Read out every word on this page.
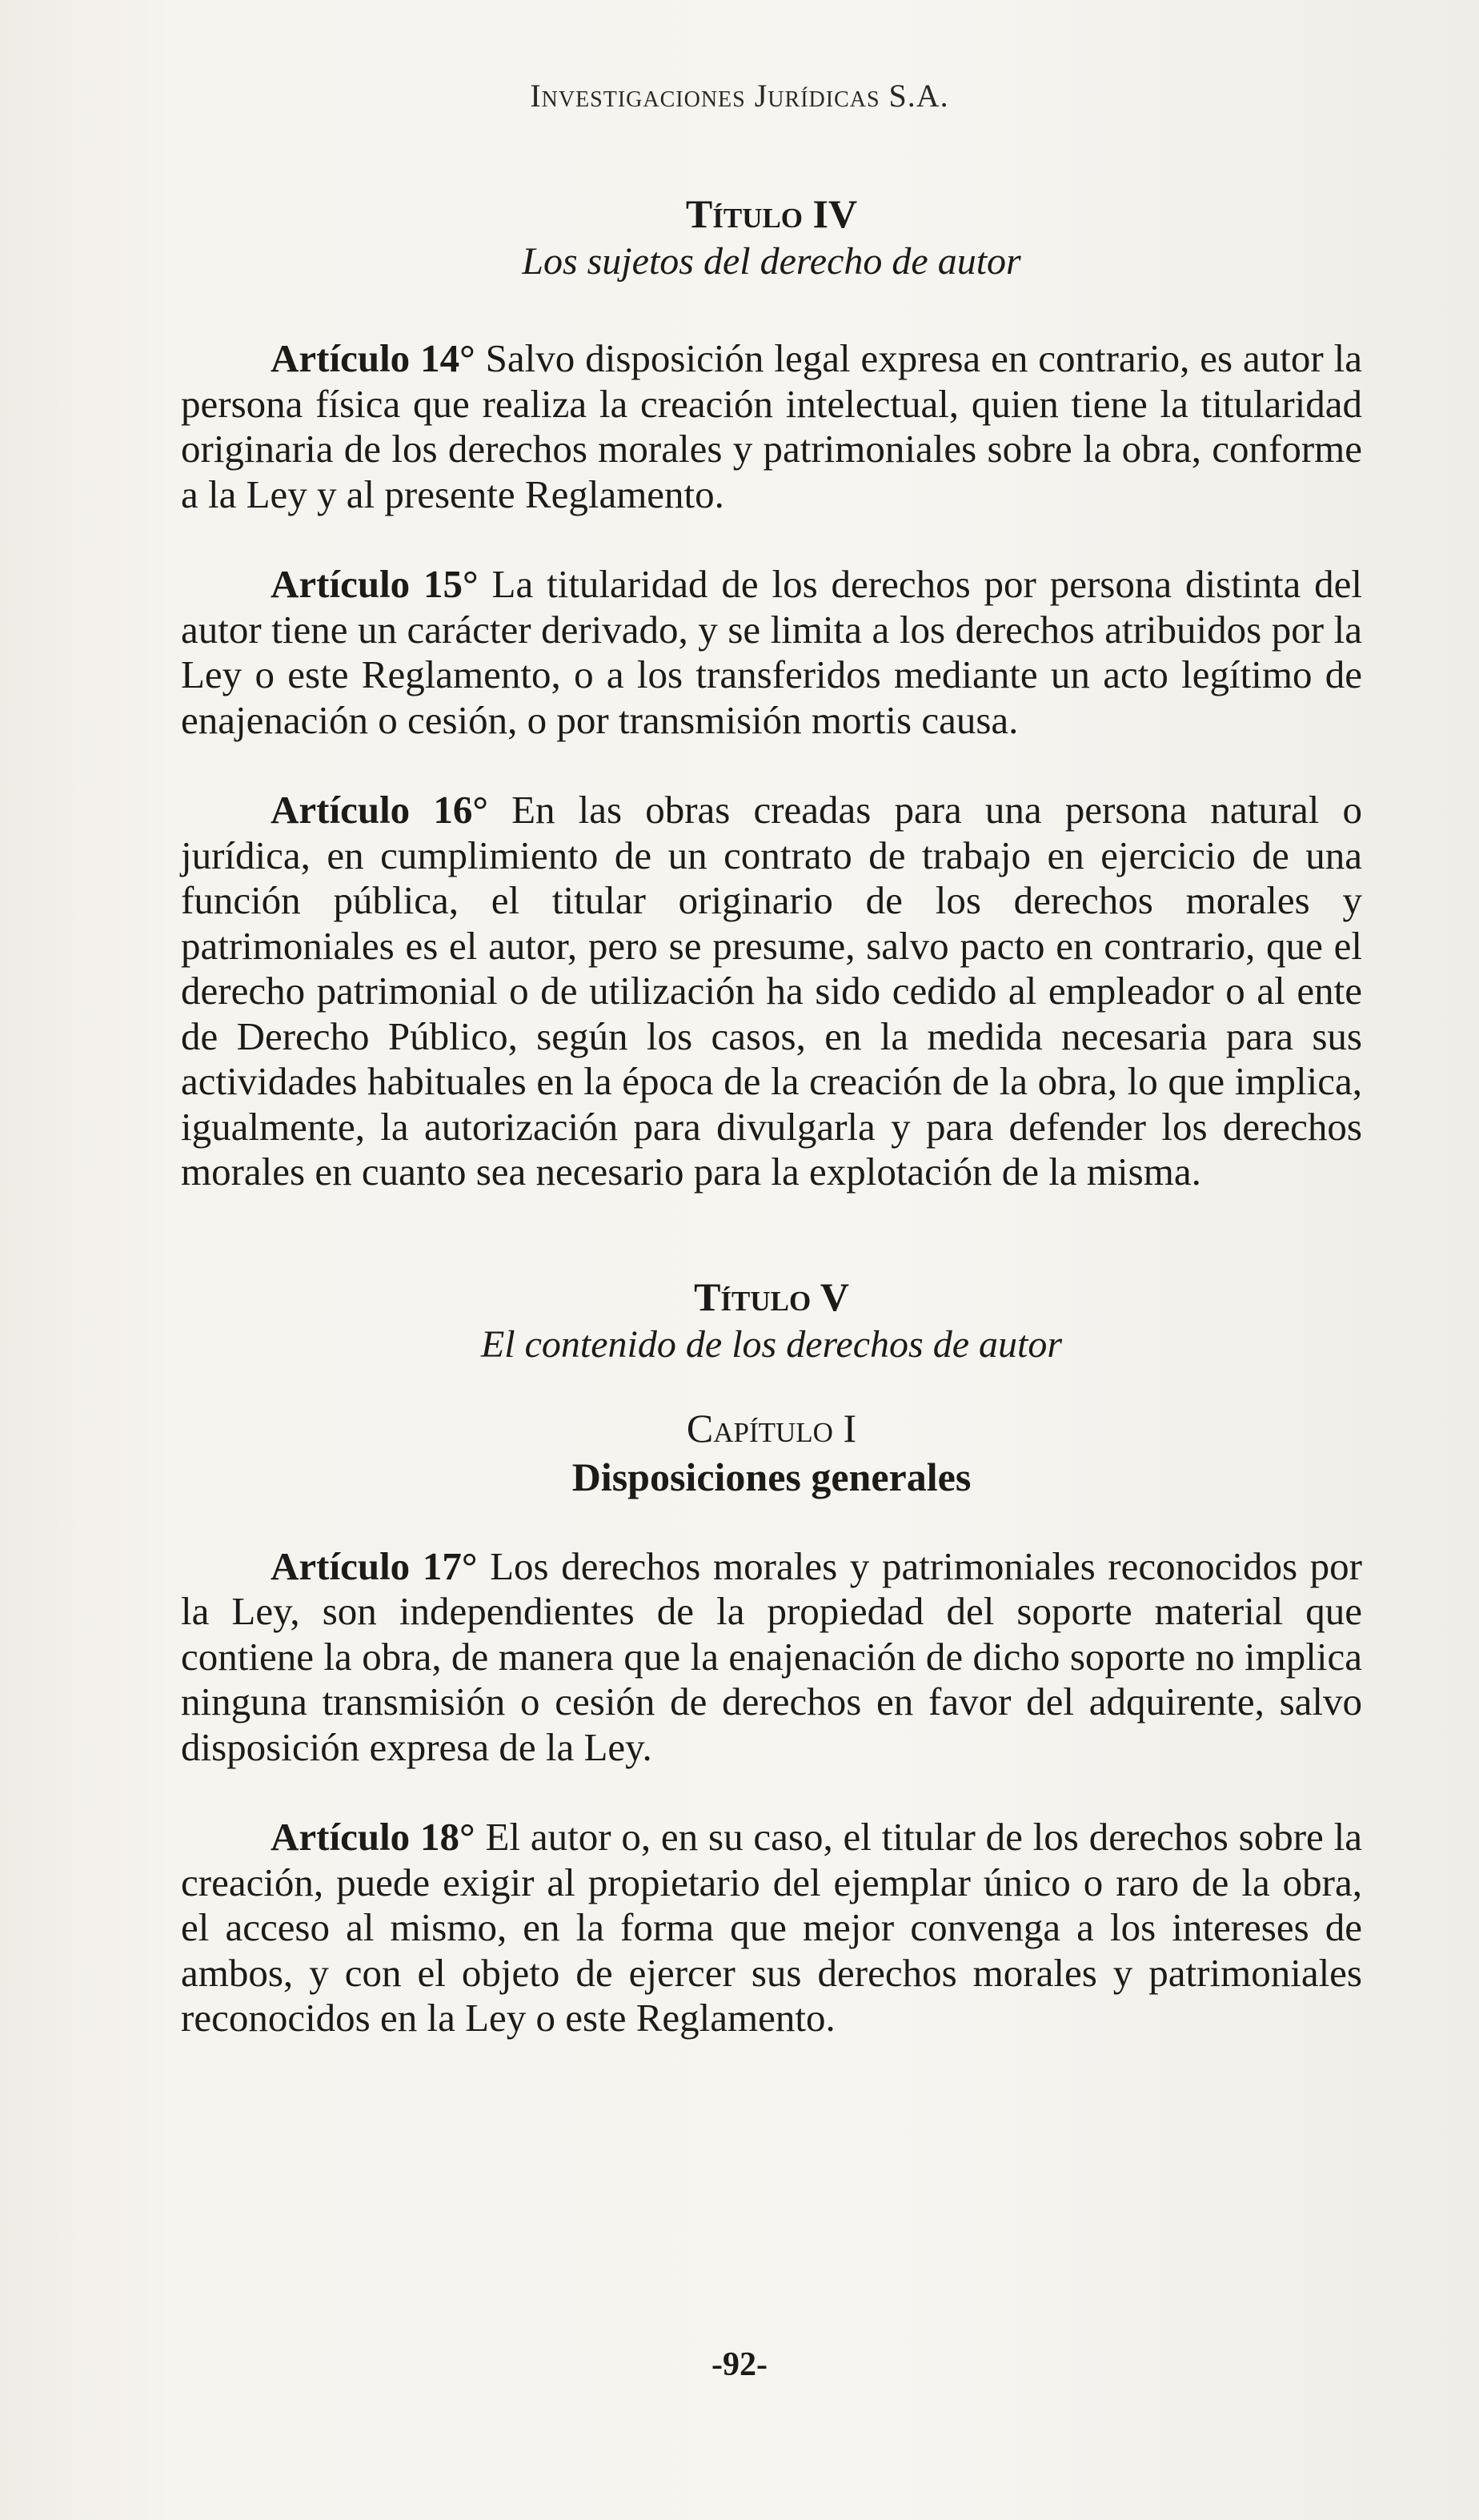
Investigaciones Jurídicas S.A.
Título IV
Los sujetos del derecho de autor

Artículo 14° Salvo disposición legal expresa en contrario, es autor la persona física que realiza la creación intelectual, quien tiene la titularidad originaria de los derechos morales y patrimoniales sobre la obra, conforme a la Ley y al presente Reglamento.

Artículo 15° La titularidad de los derechos por persona distinta del autor tiene un carácter derivado, y se limita a los derechos atribuidos por la Ley o este Reglamento, o a los transferidos mediante un acto legítimo de enajenación o cesión, o por transmisión mortis causa.

Artículo 16° En las obras creadas para una persona natural o jurídica, en cumplimiento de un contrato de trabajo en ejercicio de una función pública, el titular originario de los derechos morales y patrimoniales es el autor, pero se presume, salvo pacto en contrario, que el derecho patrimonial o de utilización ha sido cedido al empleador o al ente de Derecho Público, según los casos, en la medida necesaria para sus actividades habituales en la época de la creación de la obra, lo que implica, igualmente, la autorización para divulgarla y para defender los derechos morales en cuanto sea necesario para la explotación de la misma.

Título V
El contenido de los derechos de autor
Capítulo I
Disposiciones generales

Artículo 17° Los derechos morales y patrimoniales reconocidos por la Ley, son independientes de la propiedad del soporte material que contiene la obra, de manera que la enajenación de dicho soporte no implica ninguna transmisión o cesión de derechos en favor del adquirente, salvo disposición expresa de la Ley.

Artículo 18° El autor o, en su caso, el titular de los derechos sobre la creación, puede exigir al propietario del ejemplar único o raro de la obra, el acceso al mismo, en la forma que mejor convenga a los intereses de ambos, y con el objeto de ejercer sus derechos morales y patrimoniales reconocidos en la Ley o este Reglamento.

-92-
